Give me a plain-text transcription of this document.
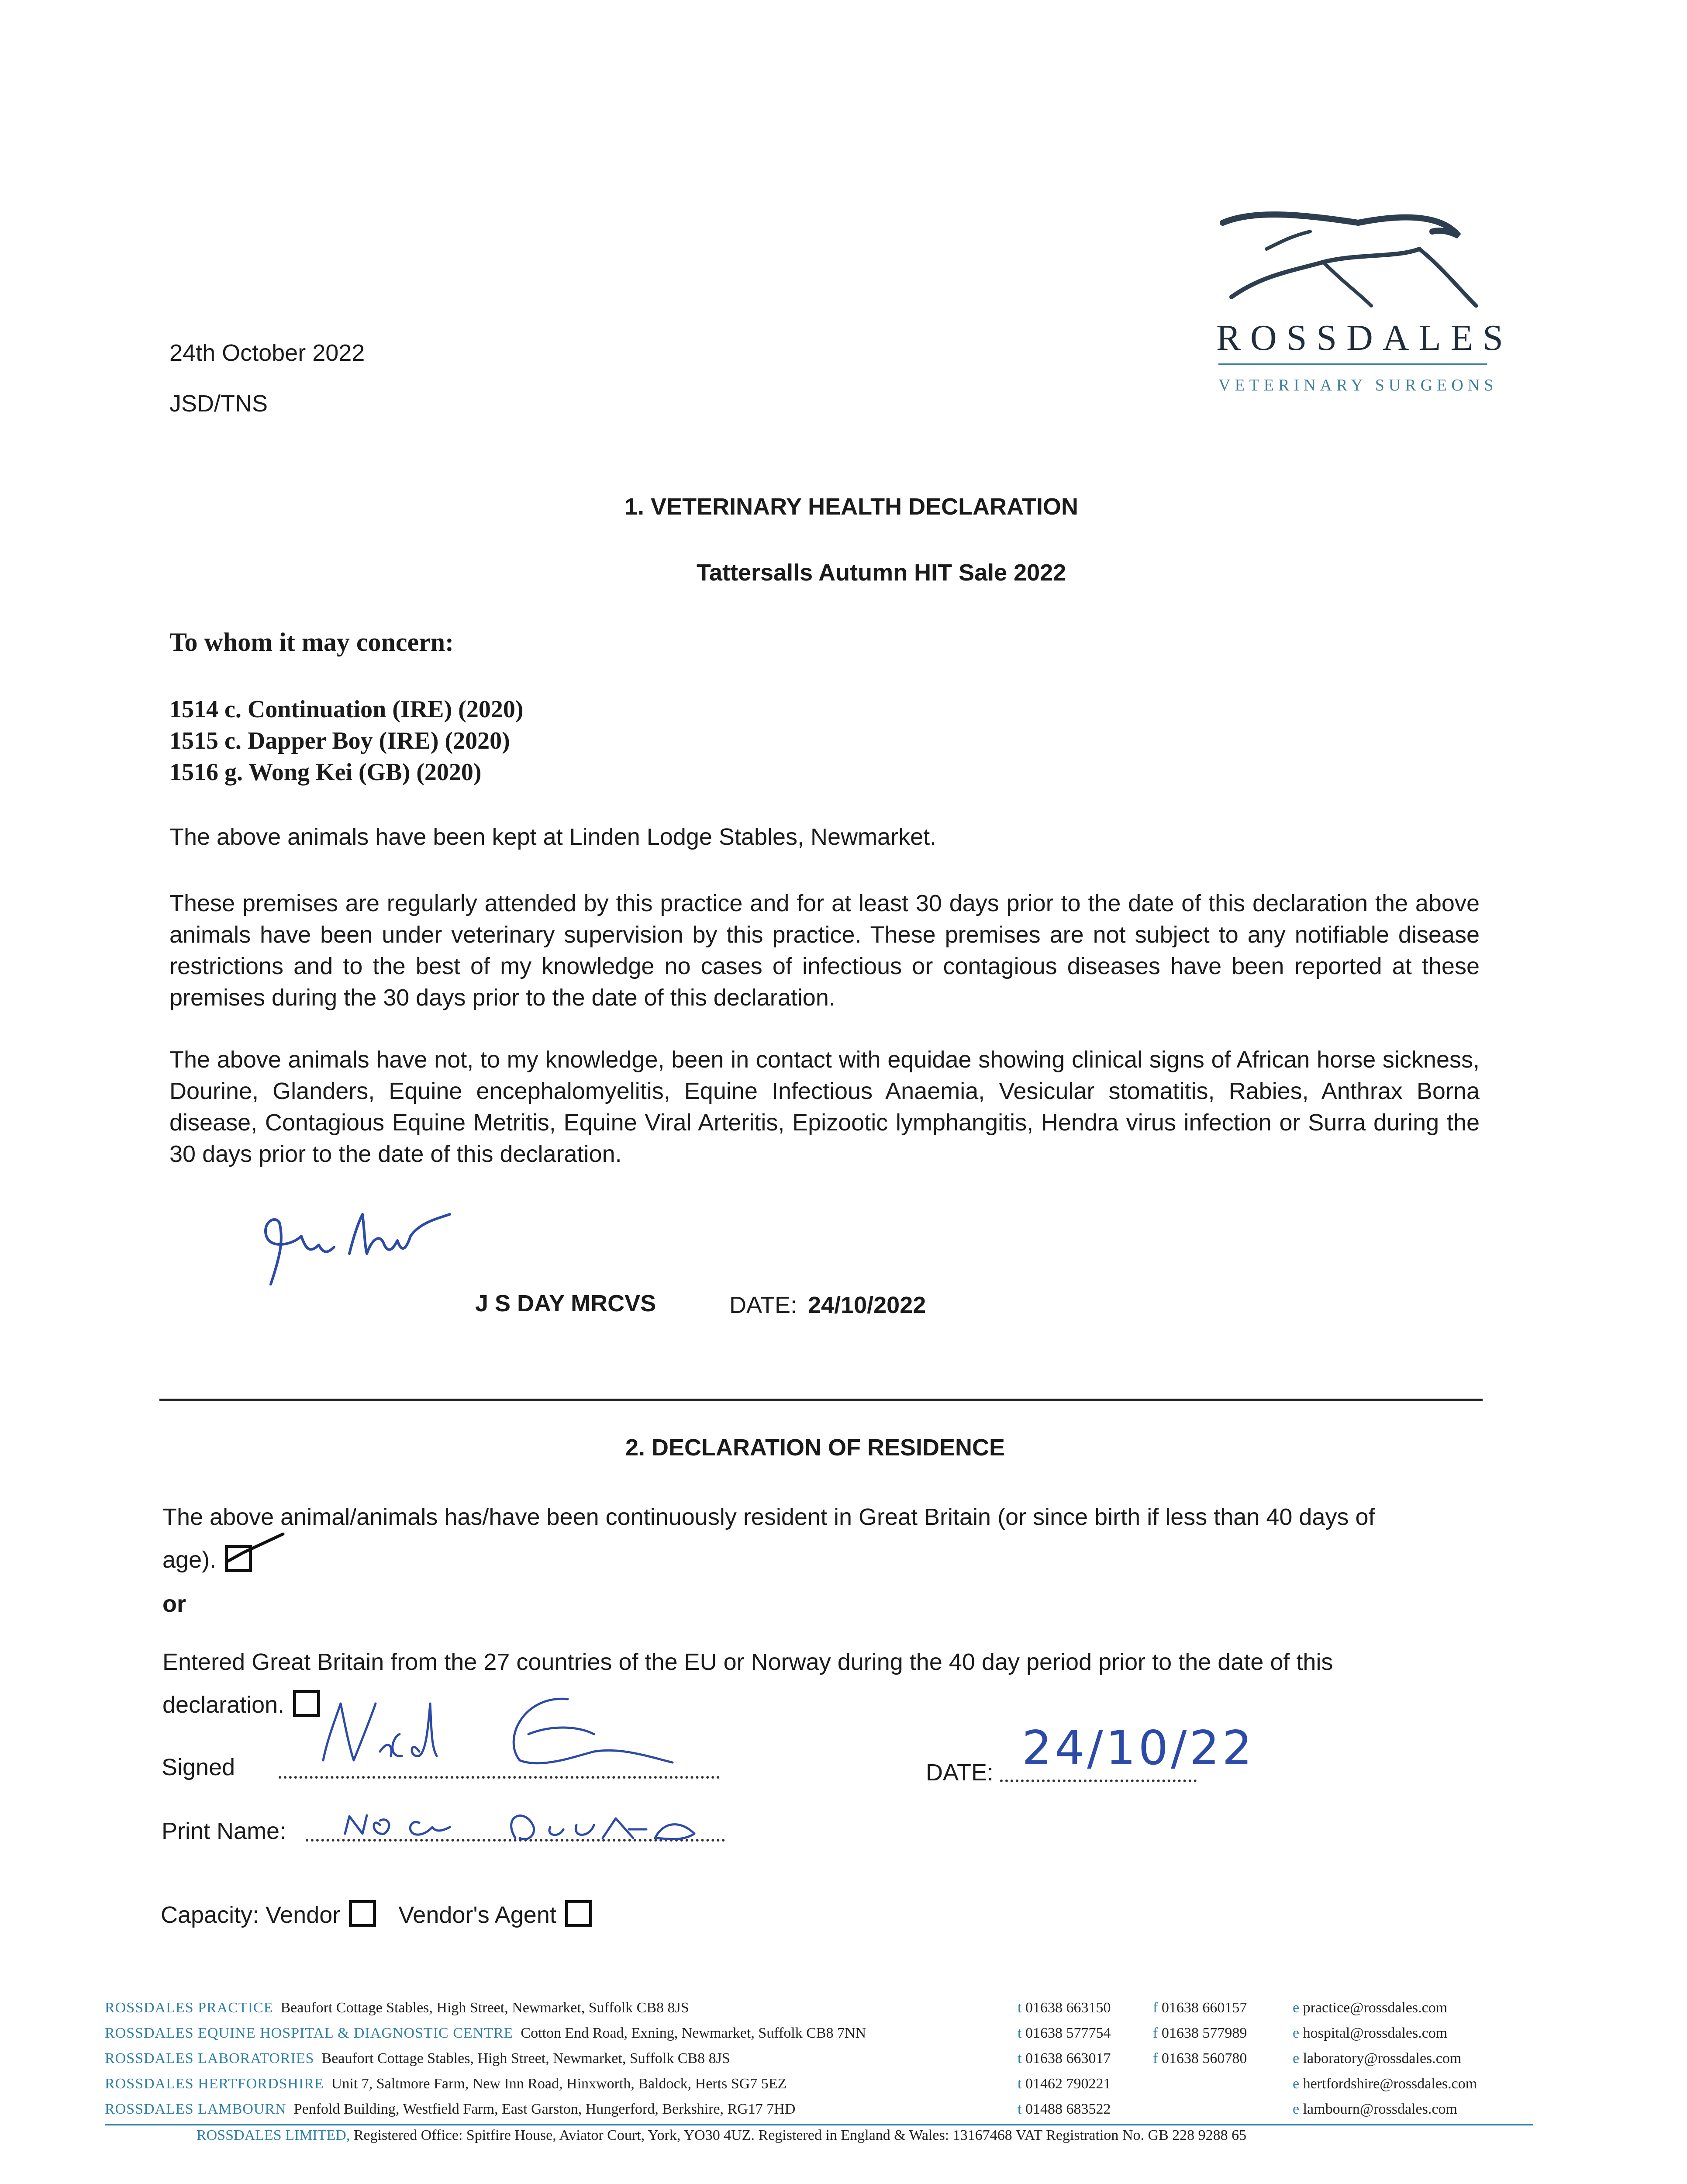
ROSSDALES
VETERINARY SURGEONS
24th October 2022
JSD/TNS
1. VETERINARY HEALTH DECLARATION
Tattersalls Autumn HIT Sale 2022
To whom it may concern:
1514 c. Continuation (IRE) (2020)
1515 c. Dapper Boy (IRE) (2020)
1516 g. Wong Kei (GB) (2020)
The above animals have been kept at Linden Lodge Stables, Newmarket.
These premises are regularly attended by this practice and for at least 30 days prior to the date of this declaration the above animals have been under veterinary supervision by this practice. These premises are not subject to any notifiable disease restrictions and to the best of my knowledge no cases of infectious or contagious diseases have been reported at these premises during the 30 days prior to the date of this declaration.
The above animals have not, to my knowledge, been in contact with equidae showing clinical signs of African horse sickness, Dourine, Glanders, Equine encephalomyelitis, Equine Infectious Anaemia, Vesicular stomatitis, Rabies, Anthrax Borna disease, Contagious Equine Metritis, Equine Viral Arteritis, Epizootic lymphangitis, Hendra virus infection or Surra during the 30 days prior to the date of this declaration.
J S DAY MRCVS	DATE: 24/10/2022
2. DECLARATION OF RESIDENCE
The above animal/animals has/have been continuously resident in Great Britain (or since birth if less than 40 days of age).
or
Entered Great Britain from the 27 countries of the EU or Norway during the 40 day period prior to the date of this declaration.
Signed	DATE: 24/10/22
Print Name:
Capacity: Vendor Vendor's Agent
ROSSDALES PRACTICE Beaufort Cottage Stables, High Street, Newmarket, Suffolk CB8 8JS
ROSSDALES EQUINE HOSPITAL & DIAGNOSTIC CENTRE Cotton End Road, Exning, Newmarket, Suffolk CB8 7NN
ROSSDALES LABORATORIES Beaufort Cottage Stables, High Street, Newmarket, Suffolk CB8 8JS
ROSSDALES HERTFORDSHIRE Unit 7, Saltmore Farm, New Inn Road, Hinxworth, Baldock, Herts SG7 5EZ
ROSSDALES LAMBOURN Penfold Building, Westfield Farm, East Garston, Hungerford, Berkshire, RG17 7HD
t 01638 663150
t 01638 577754
t 01638 663017
t 01462 790221
t 01488 683522
f 01638 660157
f 01638 577989
f 01638 560780
e practice@rossdales.com
e hospital@rossdales.com
e laboratory@rossdales.com
e hertfordshire@rossdales.com
e lambourn@rossdales.com
ROSSDALES LIMITED, Registered Office: Spitfire House, Aviator Court, York, YO30 4UZ. Registered in England & Wales: 13167468 VAT Registration No. GB 228 9288 65
